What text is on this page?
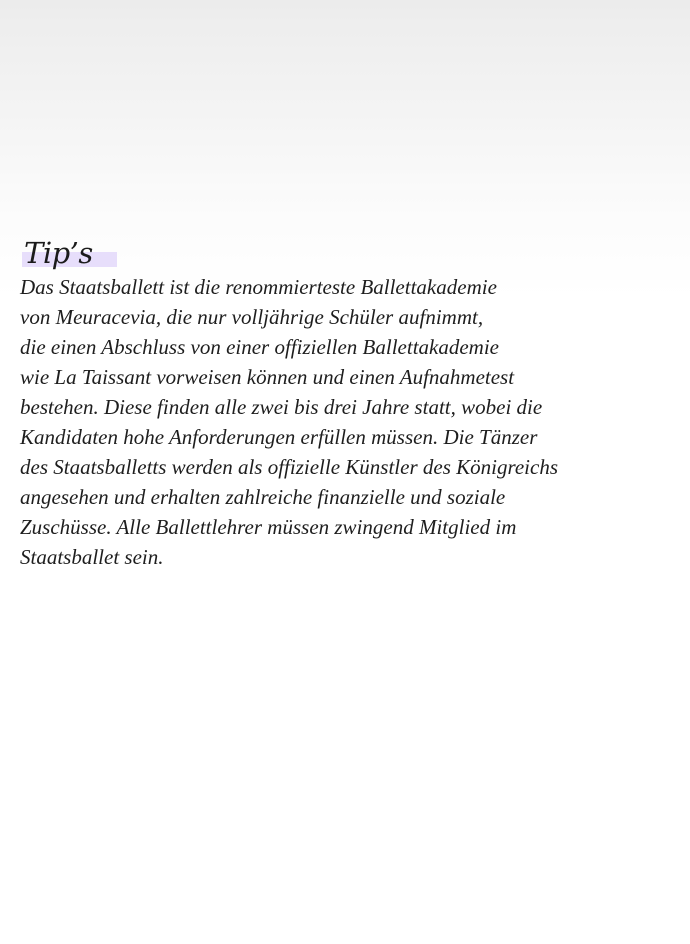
Tip’s

Das Staatsballett ist die renommierteste Ballettakademie
von Meuracevia, die nur volljährige Schüler aufnimmt,
die einen Abschluss von einer offiziellen Ballettakademie
wie La Taissant vorweisen können und einen Aufnahmetest
bestehen. Diese finden alle zwei bis drei Jahre statt, wobei die
Kandidaten hohe Anforderungen erfüllen müssen. Die Tänzer
des Staatsballetts werden als offizielle Künstler des Königreichs
angesehen und erhalten zahlreiche finanzielle und soziale
Zuschüsse. Alle Ballettlehrer müssen zwingend Mitglied im
Staatsballet sein.
